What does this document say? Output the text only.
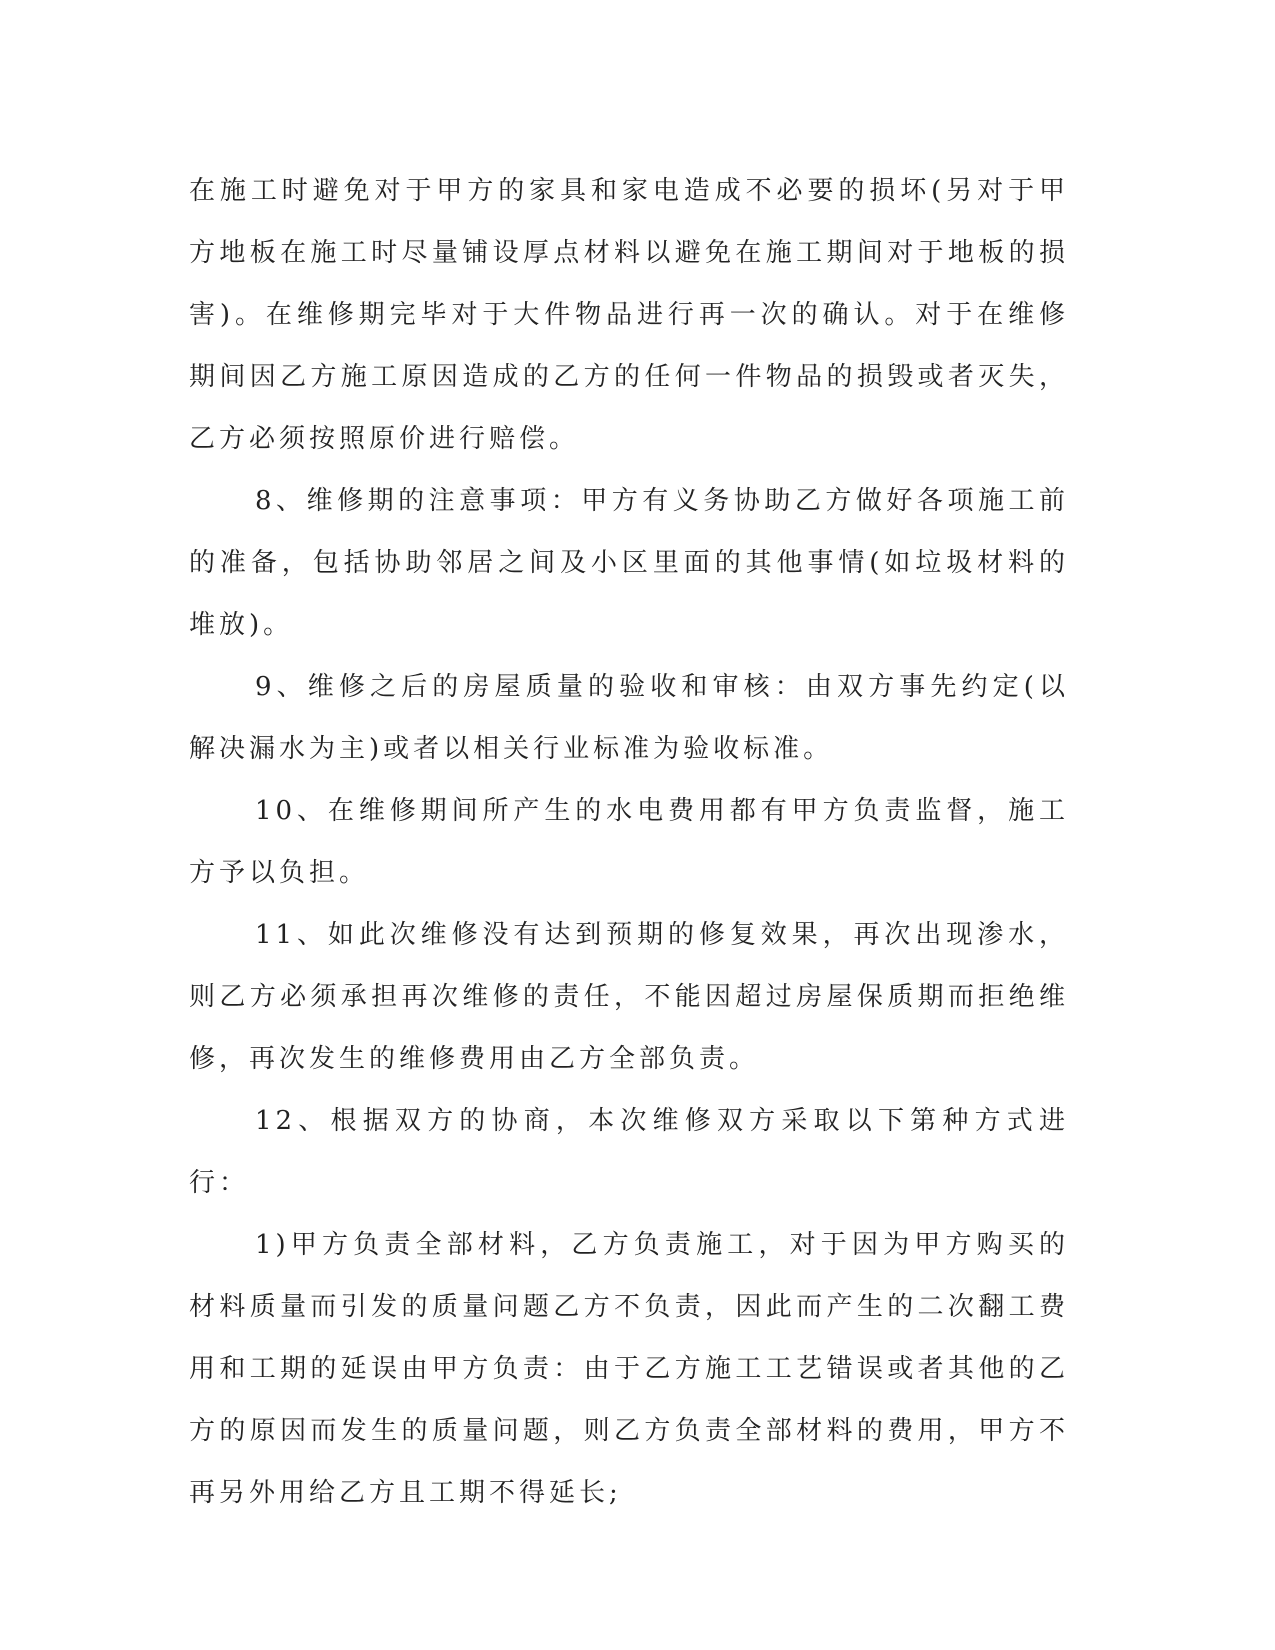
在施工时避免对于甲方的家具和家电造成不必要的损坏(另对于甲方地板在施工时尽量铺设厚点材料以避免在施工期间对于地板的损害)。在维修期完毕对于大件物品进行再一次的确认。对于在维修期间因乙方施工原因造成的乙方的任何一件物品的损毁或者灭失，乙方必须按照原价进行赔偿。

8、维修期的注意事项：甲方有义务协助乙方做好各项施工前的准备，包括协助邻居之间及小区里面的其他事情(如垃圾材料的堆放)。

9、维修之后的房屋质量的验收和审核：由双方事先约定(以解决漏水为主)或者以相关行业标准为验收标准。

10、在维修期间所产生的水电费用都有甲方负责监督，施工方予以负担。

11、如此次维修没有达到预期的修复效果，再次出现渗水，则乙方必须承担再次维修的责任，不能因超过房屋保质期而拒绝维修，再次发生的维修费用由乙方全部负责。

12、根据双方的协商，本次维修双方采取以下第种方式进行：

1)甲方负责全部材料，乙方负责施工，对于因为甲方购买的材料质量而引发的质量问题乙方不负责，因此而产生的二次翻工费用和工期的延误由甲方负责：由于乙方施工工艺错误或者其他的乙方的原因而发生的质量问题，则乙方负责全部材料的费用，甲方不再另外用给乙方且工期不得延长;
